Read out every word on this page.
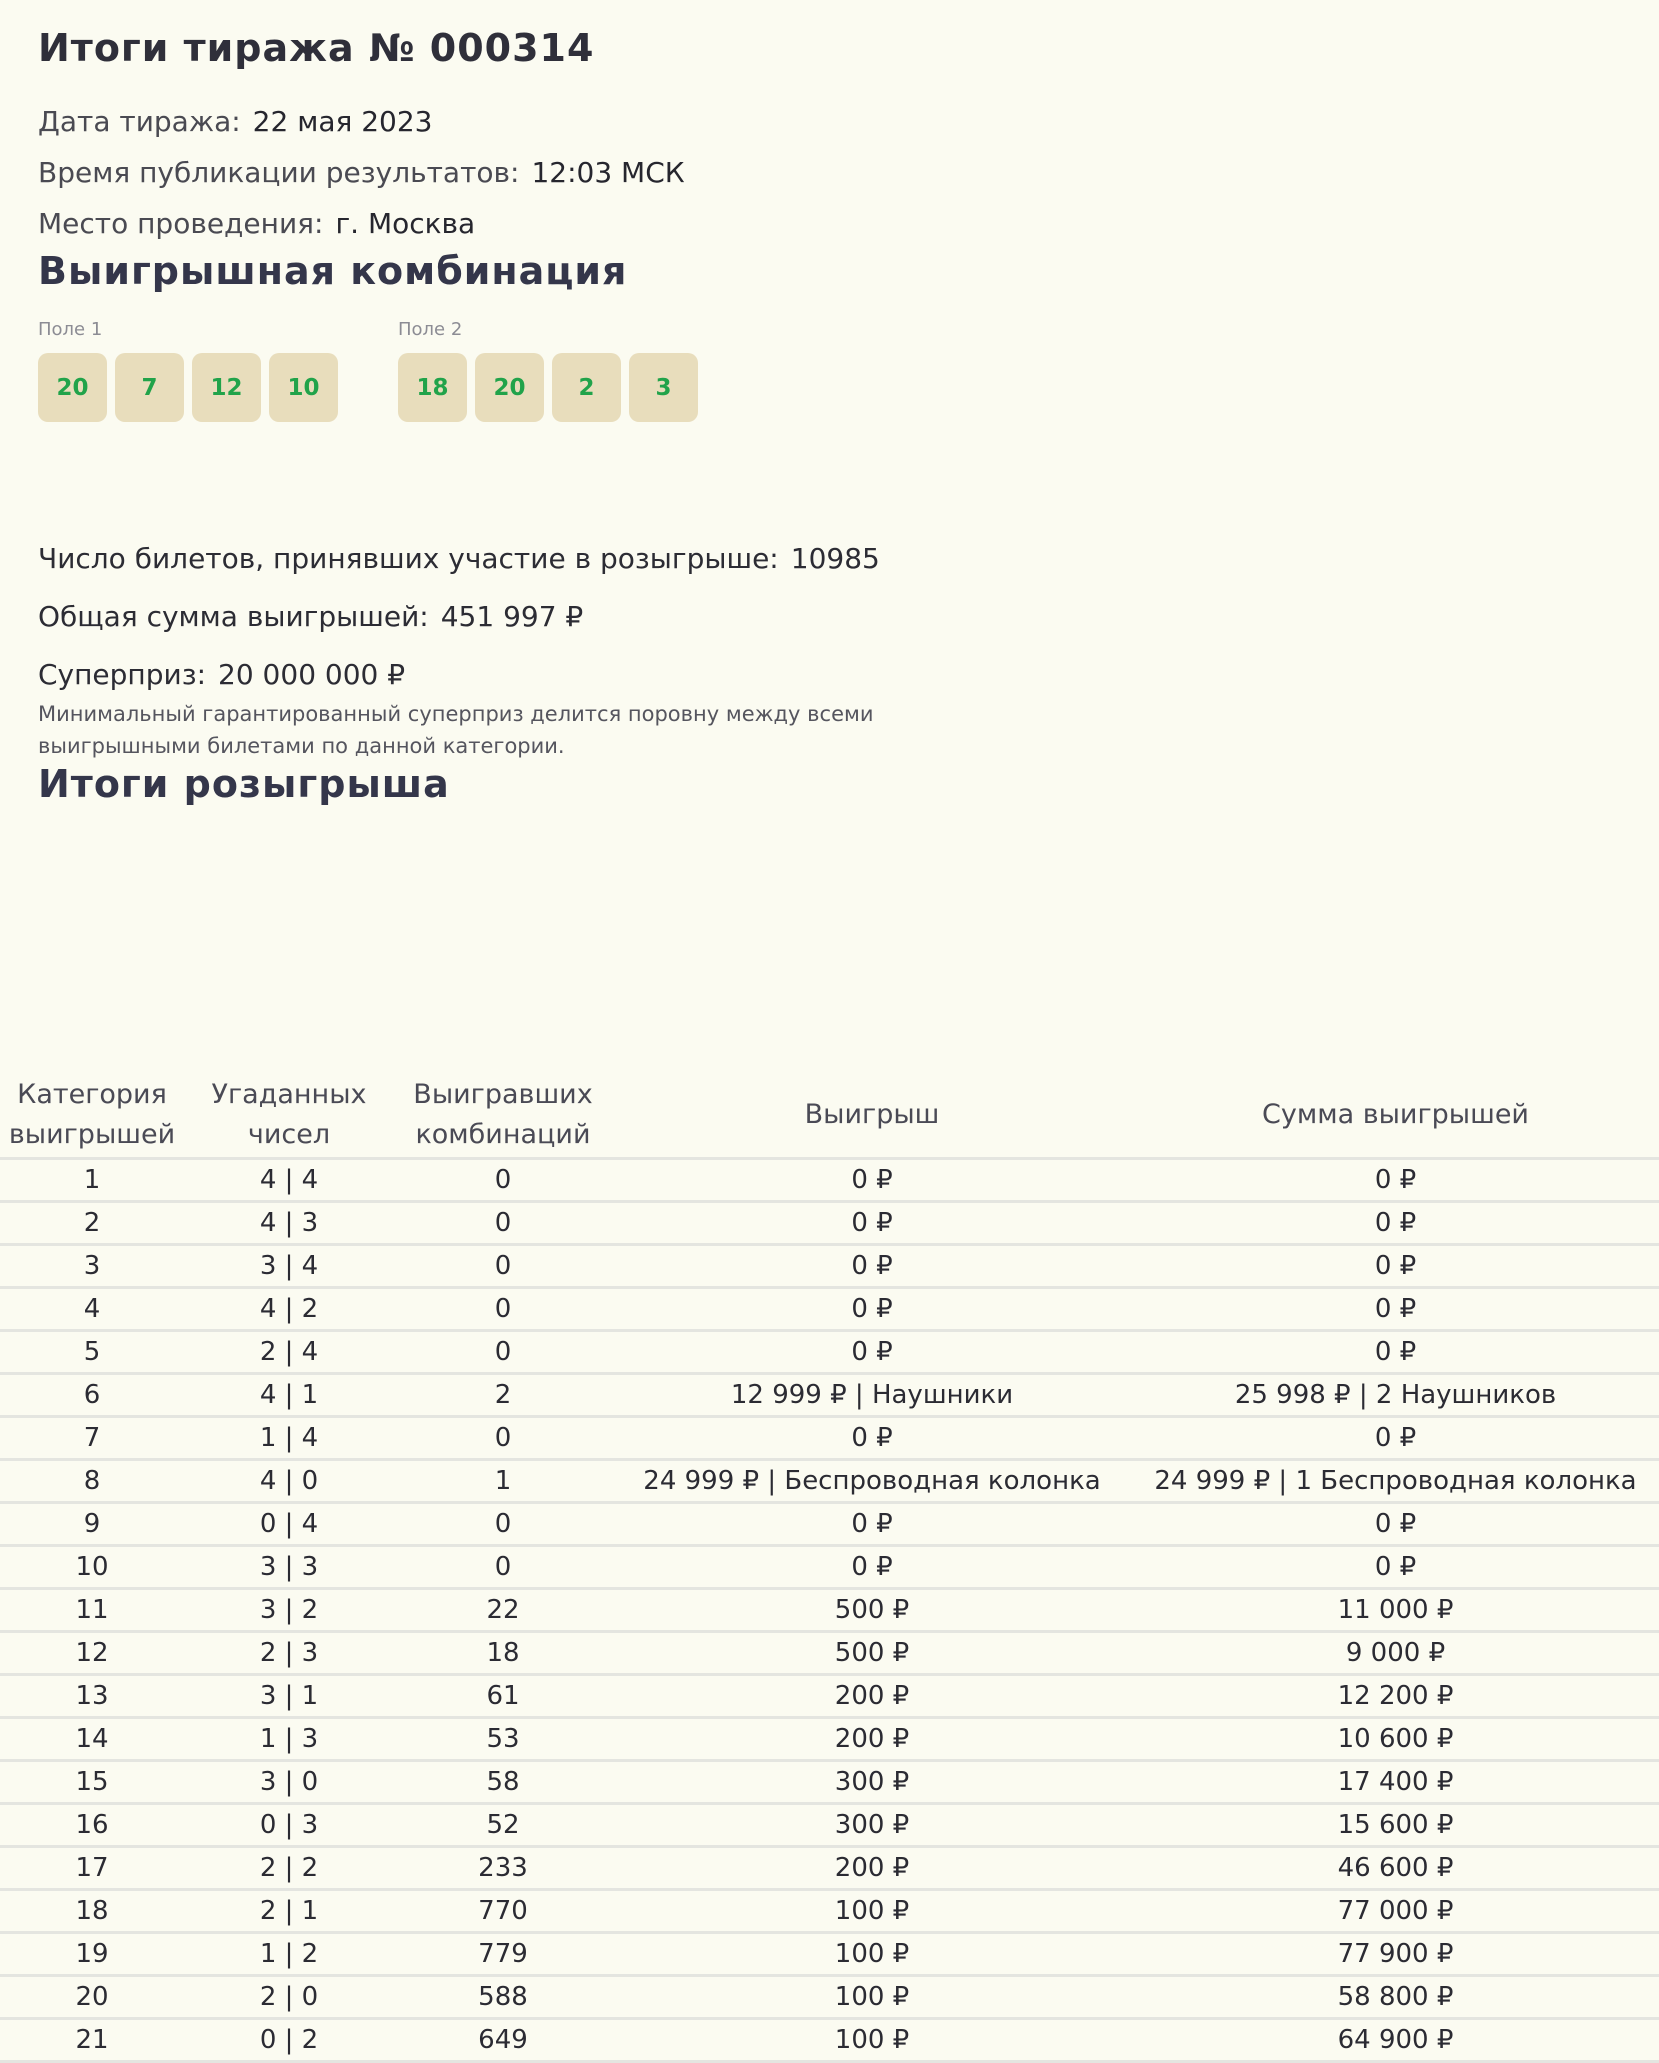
Итоги тиража № 000314
Дата тиража: 22 мая 2023
Время публикации результатов: 12:03 МСК
Место проведения: г. Москва
Выигрышная комбинация
Поле 1
20	7	12	10
Поле 2
18	20	2	3
Число билетов, принявших участие в розыгрыше: 10985
Общая сумма выигрышей: 451 997 ₽
Суперприз: 20 000 000 ₽
Минимальный гарантированный суперприз делится поровну между всеми выигрышными билетами по данной категории.
Итоги розыгрыша
Категория выигрышей	Угаданных чисел	Выигравших комбинаций	Выигрыш	Сумма выигрышей
1	4 | 4	0	0 ₽	0 ₽
2	4 | 3	0	0 ₽	0 ₽
3	3 | 4	0	0 ₽	0 ₽
4	4 | 2	0	0 ₽	0 ₽
5	2 | 4	0	0 ₽	0 ₽
6	4 | 1	2	12 999 ₽ | Наушники	25 998 ₽ | 2 Наушников
7	1 | 4	0	0 ₽	0 ₽
8	4 | 0	1	24 999 ₽ | Беспроводная колонка	24 999 ₽ | 1 Беспроводная колонка
9	0 | 4	0	0 ₽	0 ₽
10	3 | 3	0	0 ₽	0 ₽
11	3 | 2	22	500 ₽	11 000 ₽
12	2 | 3	18	500 ₽	9 000 ₽
13	3 | 1	61	200 ₽	12 200 ₽
14	1 | 3	53	200 ₽	10 600 ₽
15	3 | 0	58	300 ₽	17 400 ₽
16	0 | 3	52	300 ₽	15 600 ₽
17	2 | 2	233	200 ₽	46 600 ₽
18	2 | 1	770	100 ₽	77 000 ₽
19	1 | 2	779	100 ₽	77 900 ₽
20	2 | 0	588	100 ₽	58 800 ₽
21	0 | 2	649	100 ₽	64 900 ₽
